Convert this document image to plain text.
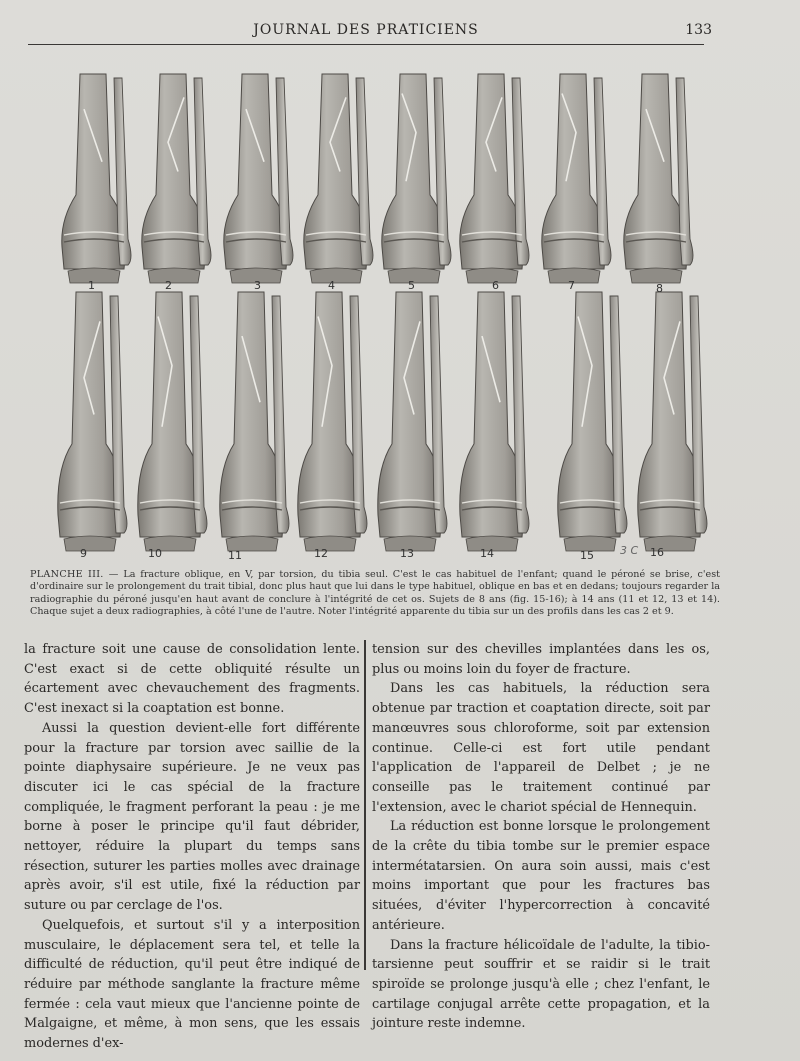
JOURNAL DES PRATICIENS	133
1	2	3	4	5	6	7	8
9	10	11	12	13	14	15	16
3 C
PLANCHE III. — La fracture oblique, en V, par torsion, du tibia seul. C'est le cas habituel de l'enfant; quand le péroné se brise, c'est d'ordinaire sur le prolongement du trait tibial, donc plus haut que lui dans le type habituel, oblique en bas et en dedans; toujours regarder la radiographie du péroné jusqu'en haut avant de conclure à l'intégrité de cet os. Sujets de 8 ans (fig. 15-16); à 14 ans (11 et 12, 13 et 14). Chaque sujet a deux radiographies, à côté l'une de l'autre. Noter l'intégrité apparente du tibia sur un des profils dans les cas 2 et 9.

la fracture soit une cause de consolidation lente. C'est exact si de cette obliquité résulte un écartement avec chevauchement des fragments. C'est inexact si la coaptation est bonne.

Aussi la question devient-elle fort différente pour la fracture par torsion avec saillie de la pointe diaphysaire supérieure. Je ne veux pas discuter ici le cas spécial de la fracture compliquée, le fragment perforant la peau : je me borne à poser le principe qu'il faut débrider, nettoyer, réduire la plupart du temps sans résection, suturer les parties molles avec drainage après avoir, s'il est utile, fixé la réduction par suture ou par cerclage de l'os.

Quelquefois, et surtout s'il y a interposition musculaire, le déplacement sera tel, et telle la difficulté de réduction, qu'il peut être indiqué de réduire par méthode sanglante la fracture même fermée : cela vaut mieux que l'ancienne pointe de Malgaigne, et même, à mon sens, que les essais modernes d'ex-

tension sur des chevilles implantées dans les os, plus ou moins loin du foyer de fracture.

Dans les cas habituels, la réduction sera obtenue par traction et coaptation directe, soit par manœuvres sous chloroforme, soit par extension continue. Celle-ci est fort utile pendant l'application de l'appareil de Delbet ; je ne conseille pas le traitement continué par l'extension, avec le chariot spécial de Hennequin.

La réduction est bonne lorsque le prolongement de la crête du tibia tombe sur le premier espace intermétatarsien. On aura soin aussi, mais c'est moins important que pour les fractures bas situées, d'éviter l'hypercorrection à concavité antérieure.

Dans la fracture hélicoïdale de l'adulte, la tibio-tarsienne peut souffrir et se raidir si le trait spiroïde se prolonge jusqu'à elle ; chez l'enfant, le cartilage conjugal arrête cette propagation, et la jointure reste indemne.
